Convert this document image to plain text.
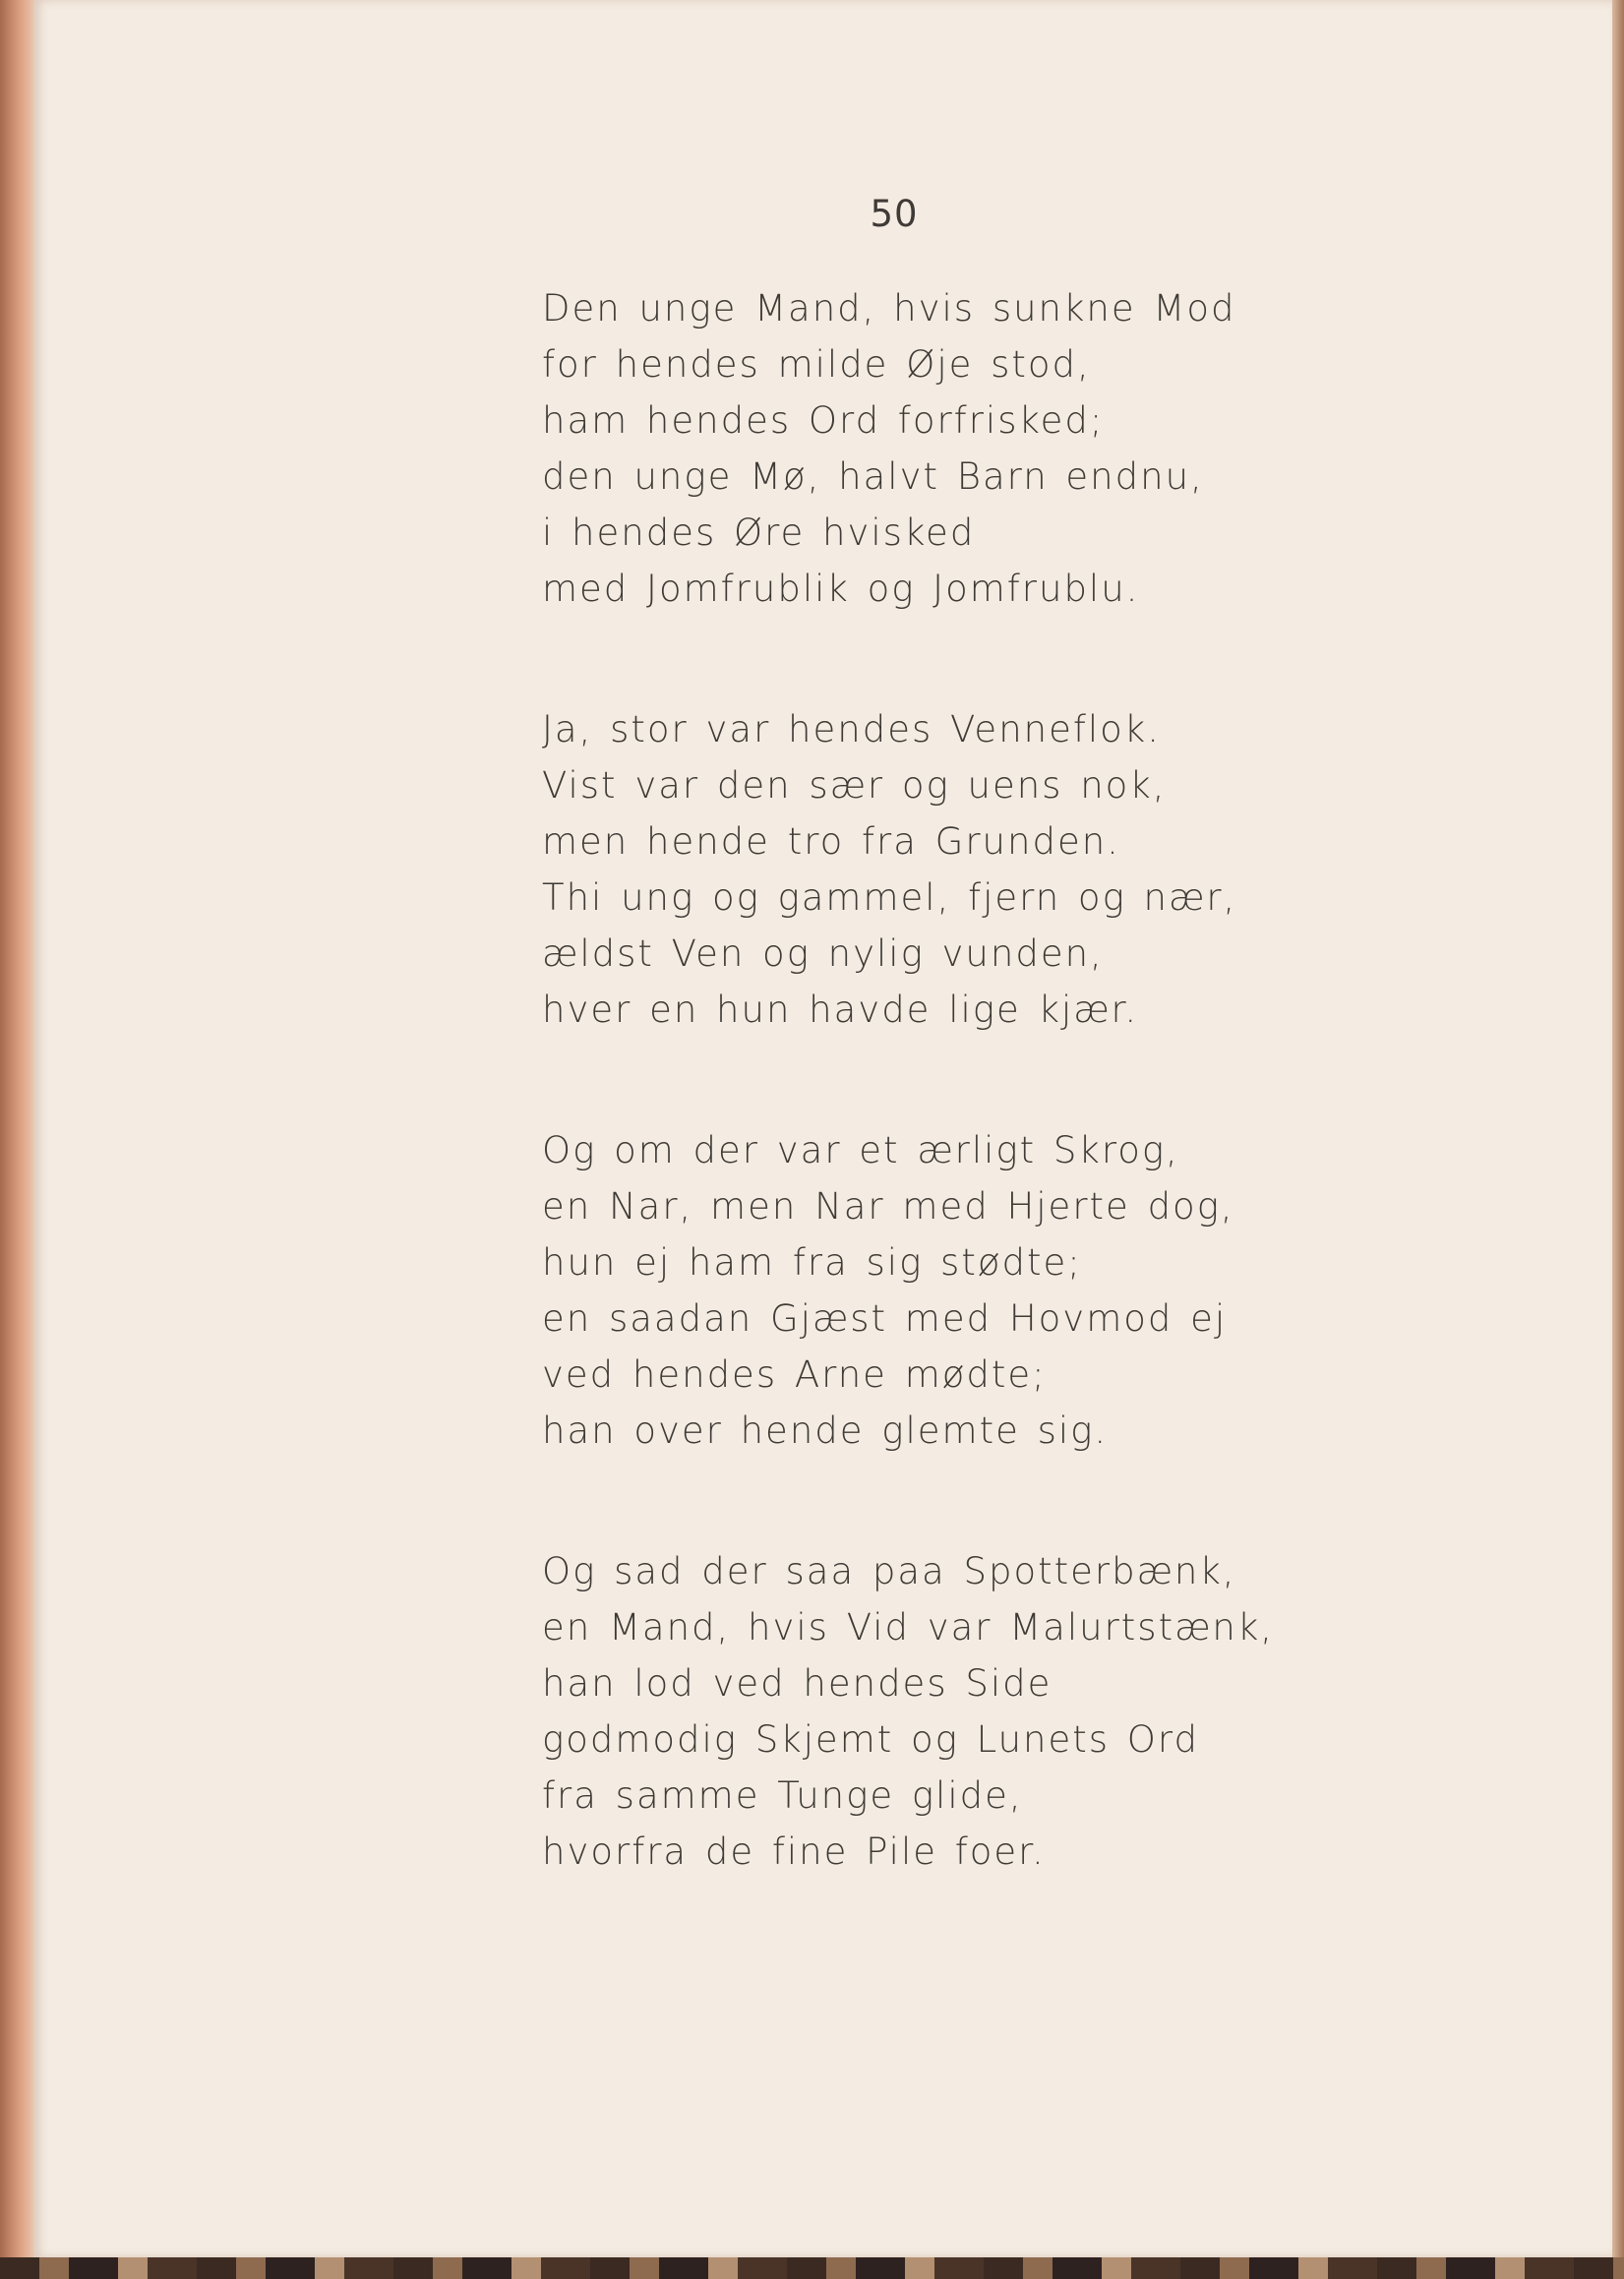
50
Den unge Mand, hvis sunkne Mod
for hendes milde Øje stod,
ham hendes Ord forfrisked;
den unge Mø, halvt Barn endnu,
i hendes Øre hvisked
med Jomfrublik og Jomfrublu.
Ja, stor var hendes Venneflok.
Vist var den sær og uens nok,
men hende tro fra Grunden.
Thi ung og gammel, fjern og nær,
ældst Ven og nylig vunden,
hver en hun havde lige kjær.
Og om der var et ærligt Skrog,
en Nar, men Nar med Hjerte dog,
hun ej ham fra sig stødte;
en saadan Gjæst med Hovmod ej
ved hendes Arne mødte;
han over hende glemte sig.
Og sad der saa paa Spotterbænk,
en Mand, hvis Vid var Malurtstænk,
han lod ved hendes Side
godmodig Skjemt og Lunets Ord
fra samme Tunge glide,
hvorfra de fine Pile foer.
